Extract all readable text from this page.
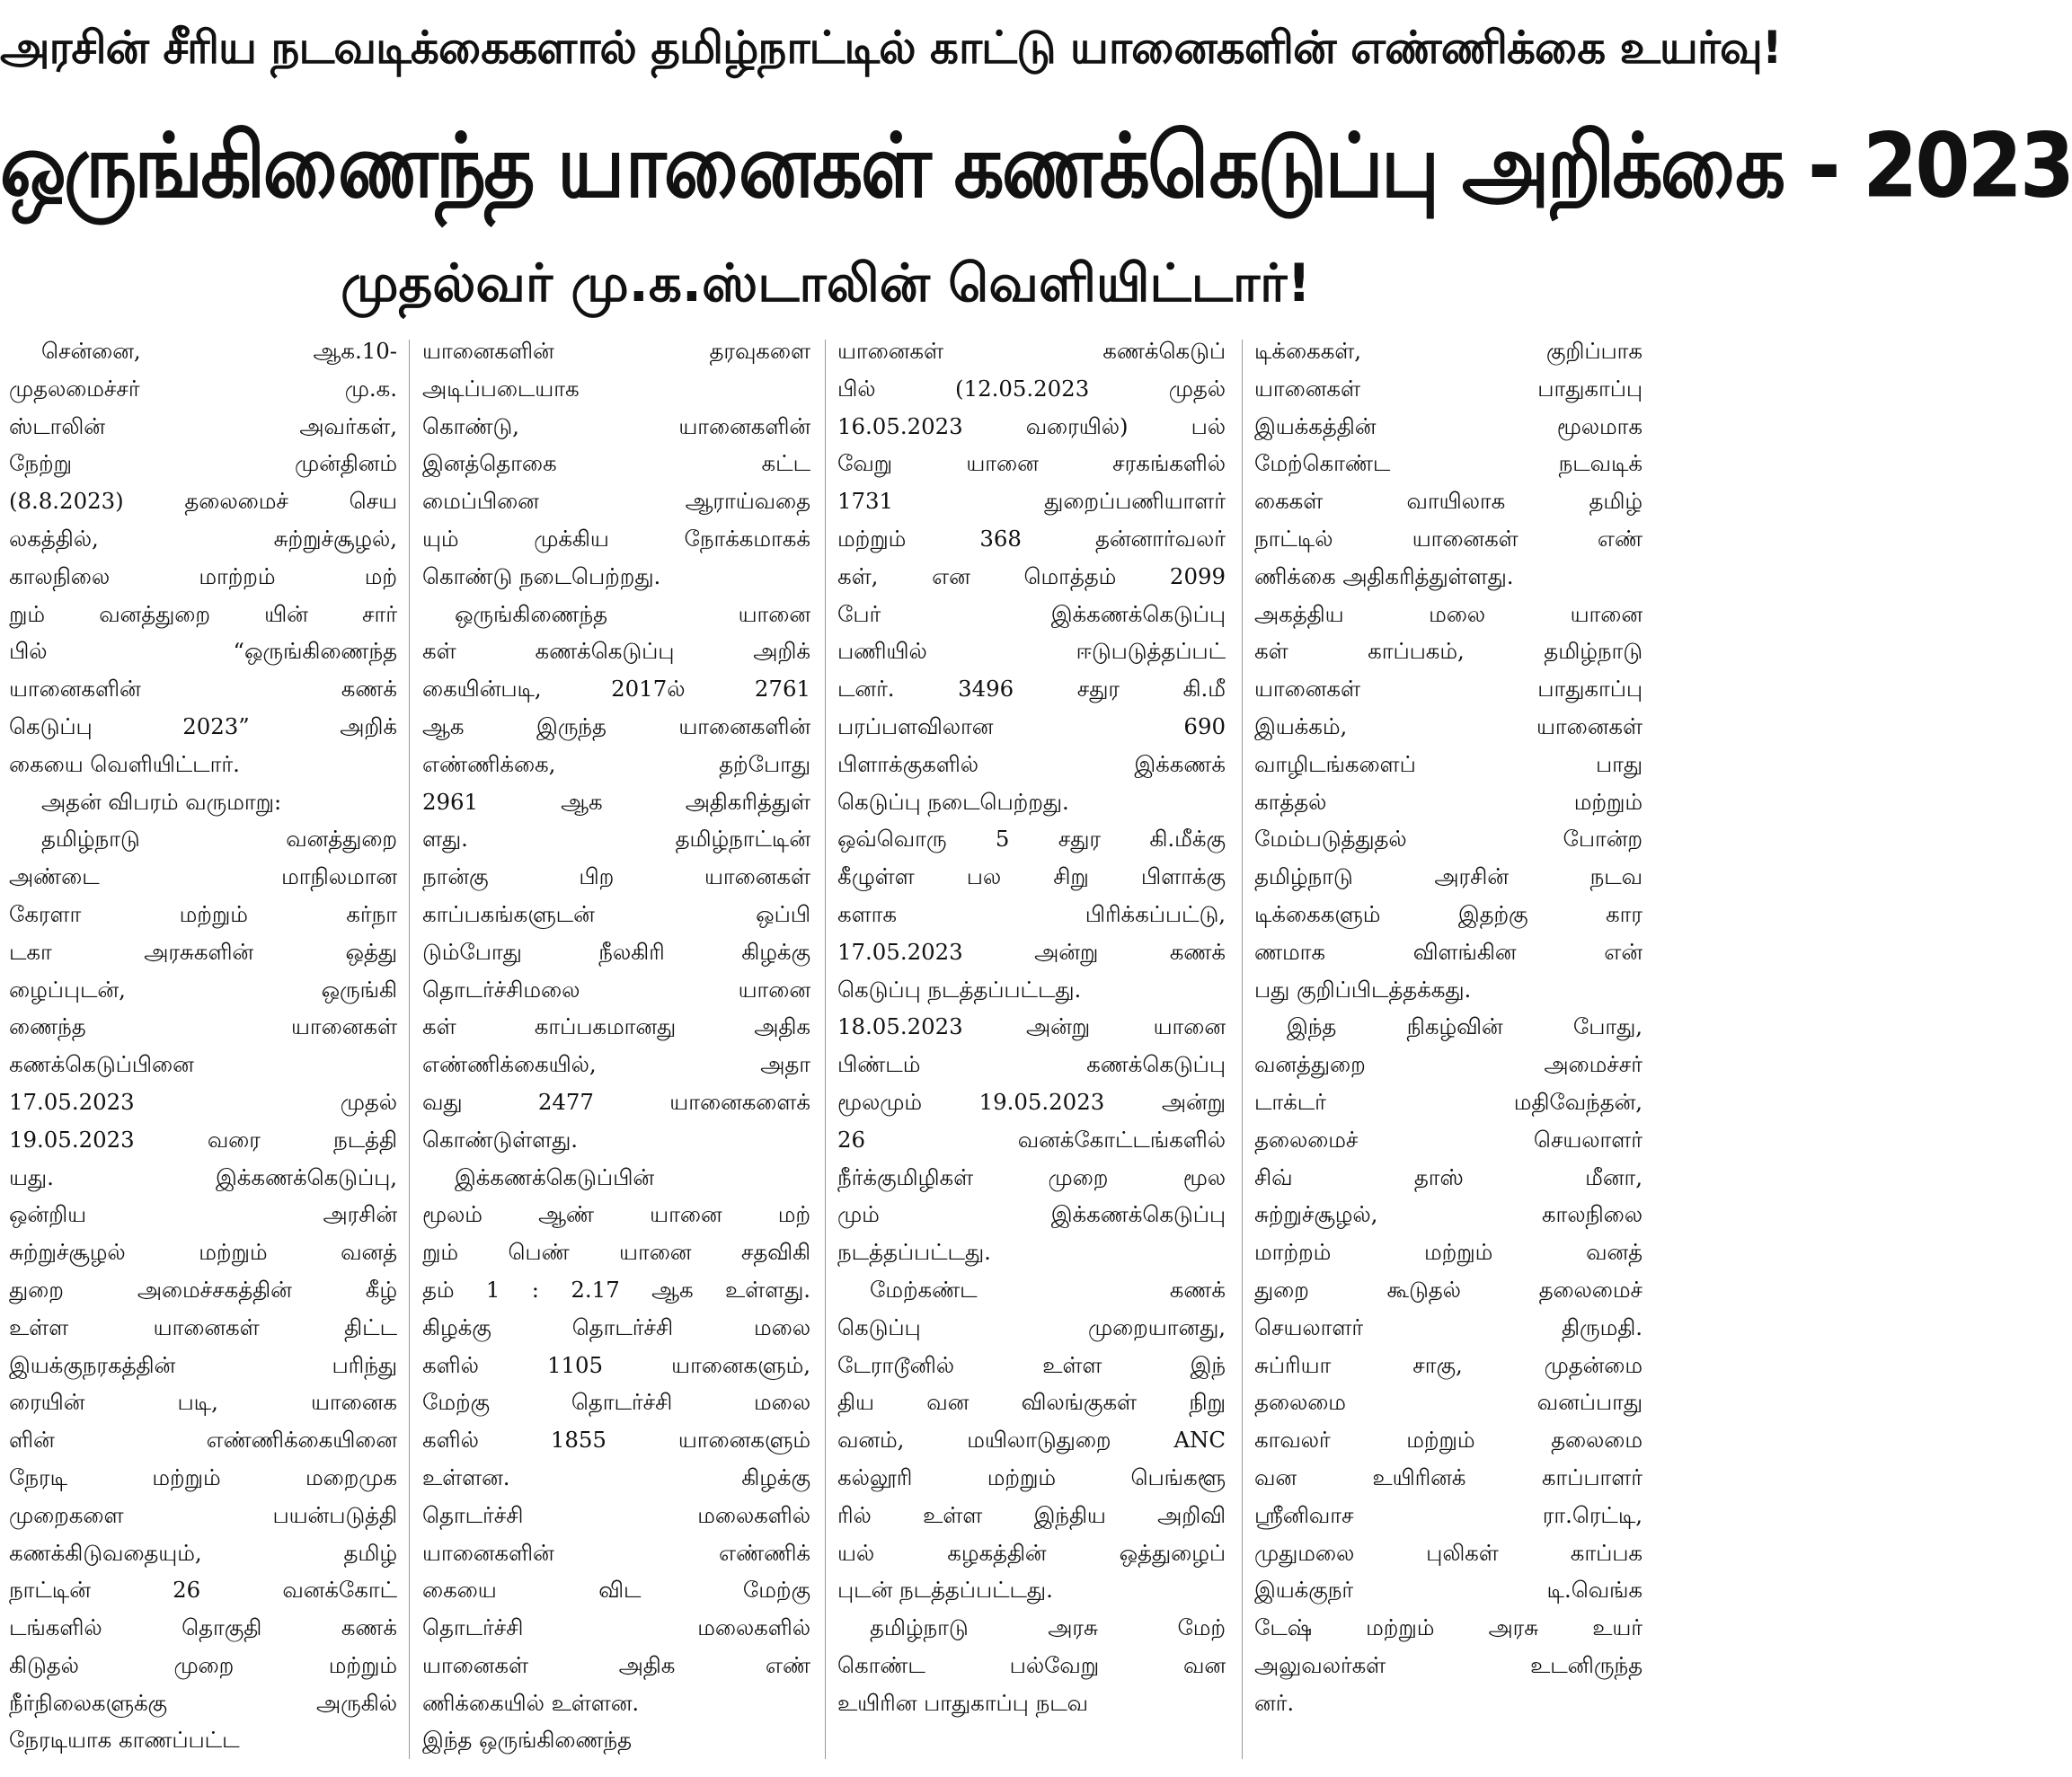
அரசின் சீரிய நடவடிக்கைகளால் தமிழ்நாட்டில் காட்டு யானைகளின் எண்ணிக்கை உயர்வு!
ஒருங்கிணைந்த யானைகள் கணக்கெடுப்பு அறிக்கை - 2023
முதல்வர் மு.க.ஸ்டாலின் வெளியிட்டார்!
சென்னை, ஆக.10-
முதலமைச்சர் மு.க.
ஸ்டாலின் அவர்கள்,
நேற்று முன்தினம்
(8.8.2023) தலைமைச் செய
லகத்தில், சுற்றுச்சூழல்,
காலநிலை மாற்றம் மற்
றும் வனத்துறை யின் சார்
பில் “ஒருங்கிணைந்த
யானைகளின் கணக்
கெடுப்பு 2023” அறிக்
கையை வெளியிட்டார்.
அதன் விபரம் வருமாறு:
தமிழ்நாடு வனத்துறை
அண்டை மாநிலமான
கேரளா மற்றும் கர்நா
டகா அரசுகளின் ஒத்து
ழைப்புடன், ஒருங்கி
ணைந்த யானைகள்
கணக்கெடுப்பினை
17.05.2023 முதல்
19.05.2023 வரை நடத்தி
யது. இக்கணக்கெடுப்பு,
ஒன்றிய அரசின்
சுற்றுச்சூழல் மற்றும் வனத்
துறை அமைச்சகத்தின் கீழ்
உள்ள யானைகள் திட்ட
இயக்குநரகத்தின் பரிந்து
ரையின் படி, யானைக
ளின் எண்ணிக்கையினை
நேரடி மற்றும் மறைமுக
முறைகளை பயன்படுத்தி
கணக்கிடுவதையும், தமிழ்
நாட்டின் 26 வனக்கோட்
டங்களில் தொகுதி கணக்
கிடுதல் முறை மற்றும்
நீர்நிலைகளுக்கு அருகில்
நேரடியாக காணப்பட்ட
யானைகளின் தரவுகளை
அடிப்படையாக
கொண்டு, யானைகளின்
இனத்தொகை கட்ட
மைப்பினை ஆராய்வதை
யும் முக்கிய நோக்கமாகக்
கொண்டு நடைபெற்றது.
ஒருங்கிணைந்த யானை
கள் கணக்கெடுப்பு அறிக்
கையின்படி, 2017ல் 2761
ஆக இருந்த யானைகளின்
எண்ணிக்கை, தற்போது
2961 ஆக அதிகரித்துள்
ளது. தமிழ்நாட்டின்
நான்கு பிற யானைகள்
காப்பகங்களுடன் ஒப்பி
டும்போது நீலகிரி கிழக்கு
தொடர்ச்சிமலை யானை
கள் காப்பகமானது அதிக
எண்ணிக்கையில், அதா
வது 2477 யானைகளைக்
கொண்டுள்ளது.
இக்கணக்கெடுப்பின்
மூலம் ஆண் யானை மற்
றும் பெண் யானை சதவிகி
தம் 1 : 2.17 ஆக உள்ளது.
கிழக்கு தொடர்ச்சி மலை
களில் 1105 யானைகளும்,
மேற்கு தொடர்ச்சி மலை
களில் 1855 யானைகளும்
உள்ளன. கிழக்கு
தொடர்ச்சி மலைகளில்
யானைகளின் எண்ணிக்
கையை விட மேற்கு
தொடர்ச்சி மலைகளில்
யானைகள் அதிக எண்
ணிக்கையில் உள்ளன.
இந்த ஒருங்கிணைந்த
யானைகள் கணக்கெடுப்
பில் (12.05.2023 முதல்
16.05.2023 வரையில்) பல்
வேறு யானை சரகங்களில்
1731 துறைப்பணியாளர்
மற்றும் 368 தன்னார்வலர்
கள், என மொத்தம் 2099
பேர் இக்கணக்கெடுப்பு
பணியில் ஈடுபடுத்தப்பட்
டனர். 3496 சதுர கி.மீ
பரப்பளவிலான 690
பிளாக்குகளில் இக்கணக்
கெடுப்பு நடைபெற்றது.
ஒவ்வொரு 5 சதுர கி.மீக்கு
கீழுள்ள பல சிறு பிளாக்கு
களாக பிரிக்கப்பட்டு,
17.05.2023 அன்று கணக்
கெடுப்பு நடத்தப்பட்டது.
18.05.2023 அன்று யானை
பிண்டம் கணக்கெடுப்பு
மூலமும் 19.05.2023 அன்று
26 வனக்கோட்டங்களில்
நீர்க்குமிழிகள் முறை மூல
மும் இக்கணக்கெடுப்பு
நடத்தப்பட்டது.
மேற்கண்ட கணக்
கெடுப்பு முறையானது,
டேராடூனில் உள்ள இந்
திய வன விலங்குகள் நிறு
வனம், மயிலாடுதுறை ANC
கல்லூரி மற்றும் பெங்களூ
ரில் உள்ள இந்திய அறிவி
யல் கழகத்தின் ஒத்துழைப்
புடன் நடத்தப்பட்டது.
தமிழ்நாடு அரசு மேற்
கொண்ட பல்வேறு வன
உயிரின பாதுகாப்பு நடவ
டிக்கைகள், குறிப்பாக
யானைகள் பாதுகாப்பு
இயக்கத்தின் மூலமாக
மேற்கொண்ட நடவடிக்
கைகள் வாயிலாக தமிழ்
நாட்டில் யானைகள் எண்
ணிக்கை அதிகரித்துள்ளது.
அகத்திய மலை யானை
கள் காப்பகம், தமிழ்நாடு
யானைகள் பாதுகாப்பு
இயக்கம், யானைகள்
வாழிடங்களைப் பாது
காத்தல் மற்றும்
மேம்படுத்துதல் போன்ற
தமிழ்நாடு அரசின் நடவ
டிக்கைகளும் இதற்கு கார
ணமாக விளங்கின என்
பது குறிப்பிடத்தக்கது.
இந்த நிகழ்வின் போது,
வனத்துறை அமைச்சர்
டாக்டர் மதிவேந்தன்,
தலைமைச் செயலாளர்
சிவ் தாஸ் மீனா,
சுற்றுச்சூழல், காலநிலை
மாற்றம் மற்றும் வனத்
துறை கூடுதல் தலைமைச்
செயலாளர் திருமதி.
சுப்ரியா சாகு, முதன்மை
தலைமை வனப்பாது
காவலர் மற்றும் தலைமை
வன உயிரினக் காப்பாளர்
ஸ்ரீனிவாச ரா.ரெட்டி,
முதுமலை புலிகள் காப்பக
இயக்குநர் டி.வெங்க
டேஷ் மற்றும் அரசு உயர்
அலுவலர்கள் உடனிருந்த
னர்.
